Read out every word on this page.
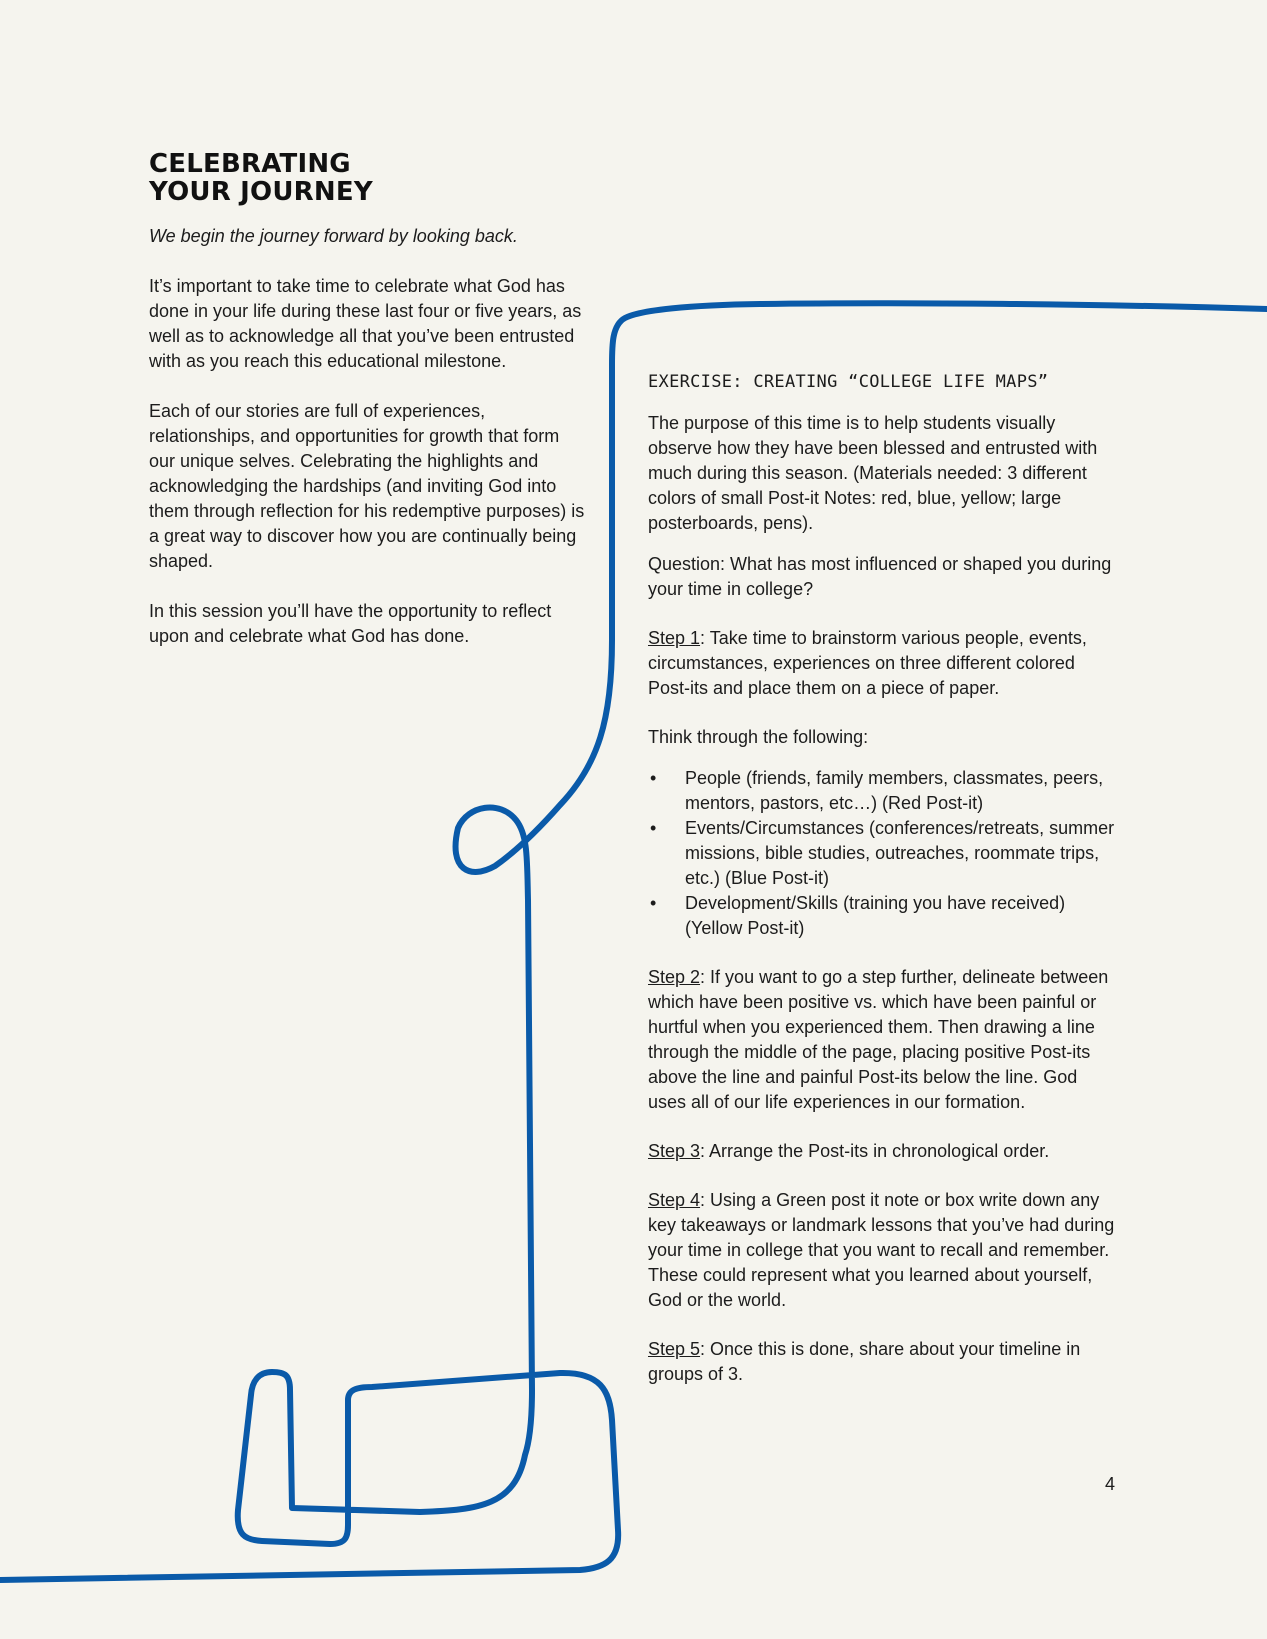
CELEBRATING
YOUR JOURNEY

We begin the journey forward by looking back.

It’s important to take time to celebrate what God has done in your life during these last four or five years, as well as to acknowledge all that you’ve been entrusted with as you reach this educational milestone.

Each of our stories are full of experiences, relationships, and opportunities for growth that form our unique selves. Celebrating the highlights and acknowledging the hardships (and inviting God into them through reflection for his redemptive purposes) is a great way to discover how you are continually being shaped.

In this session you’ll have the opportunity to reflect upon and celebrate what God has done.

EXERCISE: CREATING “COLLEGE LIFE MAPS”

The purpose of this time is to help students visually observe how they have been blessed and entrusted with much during this season. (Materials needed: 3 different colors of small Post-it Notes: red, blue, yellow; large posterboards, pens).

Question: What has most influenced or shaped you during your time in college?

Step 1: Take time to brainstorm various people, events, circumstances, experiences on three different colored Post-its and place them on a piece of paper.

Think through the following:

• People (friends, family members, classmates, peers, mentors, pastors, etc…) (Red Post-it)
• Events/Circumstances (conferences/retreats, summer missions, bible studies, outreaches, roommate trips, etc.) (Blue Post-it)
• Development/Skills (training you have received) (Yellow Post-it)

Step 2: If you want to go a step further, delineate between which have been positive vs. which have been painful or hurtful when you experienced them. Then drawing a line through the middle of the page, placing positive Post-its above the line and painful Post-its below the line. God uses all of our life experiences in our formation.

Step 3: Arrange the Post-its in chronological order.

Step 4: Using a Green post it note or box write down any key takeaways or landmark lessons that you’ve had during your time in college that you want to recall and remember. These could represent what you learned about yourself, God or the world.

Step 5: Once this is done, share about your timeline in groups of 3.

4
